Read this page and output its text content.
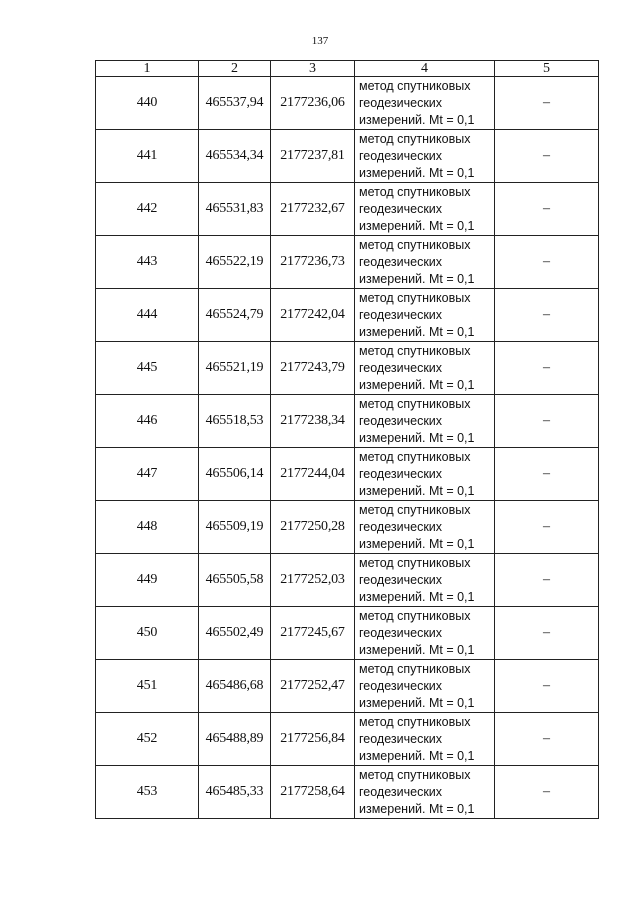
137
1	2	3	4	5
440	465537,94	2177236,06	метод спутниковых
геодезических
измерений. Mt = 0,1	–
441	465534,34	2177237,81	метод спутниковых
геодезических
измерений. Mt = 0,1	–
442	465531,83	2177232,67	метод спутниковых
геодезических
измерений. Mt = 0,1	–
443	465522,19	2177236,73	метод спутниковых
геодезических
измерений. Mt = 0,1	–
444	465524,79	2177242,04	метод спутниковых
геодезических
измерений. Mt = 0,1	–
445	465521,19	2177243,79	метод спутниковых
геодезических
измерений. Mt = 0,1	–
446	465518,53	2177238,34	метод спутниковых
геодезических
измерений. Mt = 0,1	–
447	465506,14	2177244,04	метод спутниковых
геодезических
измерений. Mt = 0,1	–
448	465509,19	2177250,28	метод спутниковых
геодезических
измерений. Mt = 0,1	–
449	465505,58	2177252,03	метод спутниковых
геодезических
измерений. Mt = 0,1	–
450	465502,49	2177245,67	метод спутниковых
геодезических
измерений. Mt = 0,1	–
451	465486,68	2177252,47	метод спутниковых
геодезических
измерений. Mt = 0,1	–
452	465488,89	2177256,84	метод спутниковых
геодезических
измерений. Mt = 0,1	–
453	465485,33	2177258,64	метод спутниковых
геодезических
измерений. Mt = 0,1	–
